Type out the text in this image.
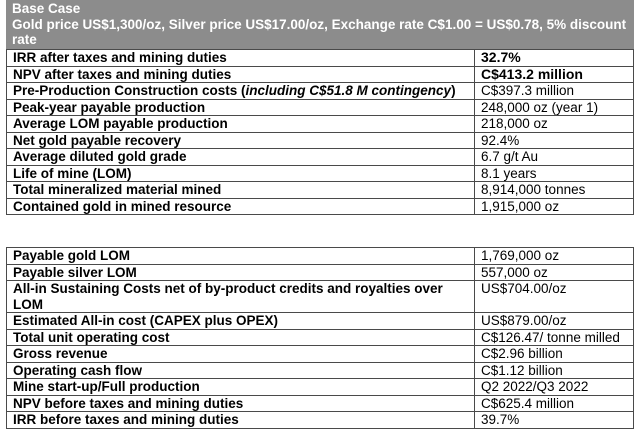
Base Case
Gold price US$1,300/oz, Silver price US$17.00/oz, Exchange rate C$1.00 = US$0.78, 5% discount rate
IRR after taxes and mining duties	32.7%
NPV after taxes and mining duties	C$413.2 million
Pre-Production Construction costs (including C$51.8 M contingency)	C$397.3 million
Peak-year payable production	248,000 oz (year 1)
Average LOM payable production	218,000 oz
Net gold payable recovery	92.4%
Average diluted gold grade	6.7 g/t Au
Life of mine (LOM)	8.1 years
Total mineralized material mined	8,914,000 tonnes
Contained gold in mined resource	1,915,000 oz
Payable gold LOM	1,769,000 oz
Payable silver LOM	557,000 oz
All-in Sustaining Costs net of by-product credits and royalties over LOM	US$704.00/oz
Estimated All-in cost (CAPEX plus OPEX)	US$879.00/oz
Total unit operating cost	C$126.47/ tonne milled
Gross revenue	C$2.96 billion
Operating cash flow	C$1.12 billion
Mine start-up/Full production	Q2 2022/Q3 2022
NPV before taxes and mining duties	C$625.4 million
IRR before taxes and mining duties	39.7%
